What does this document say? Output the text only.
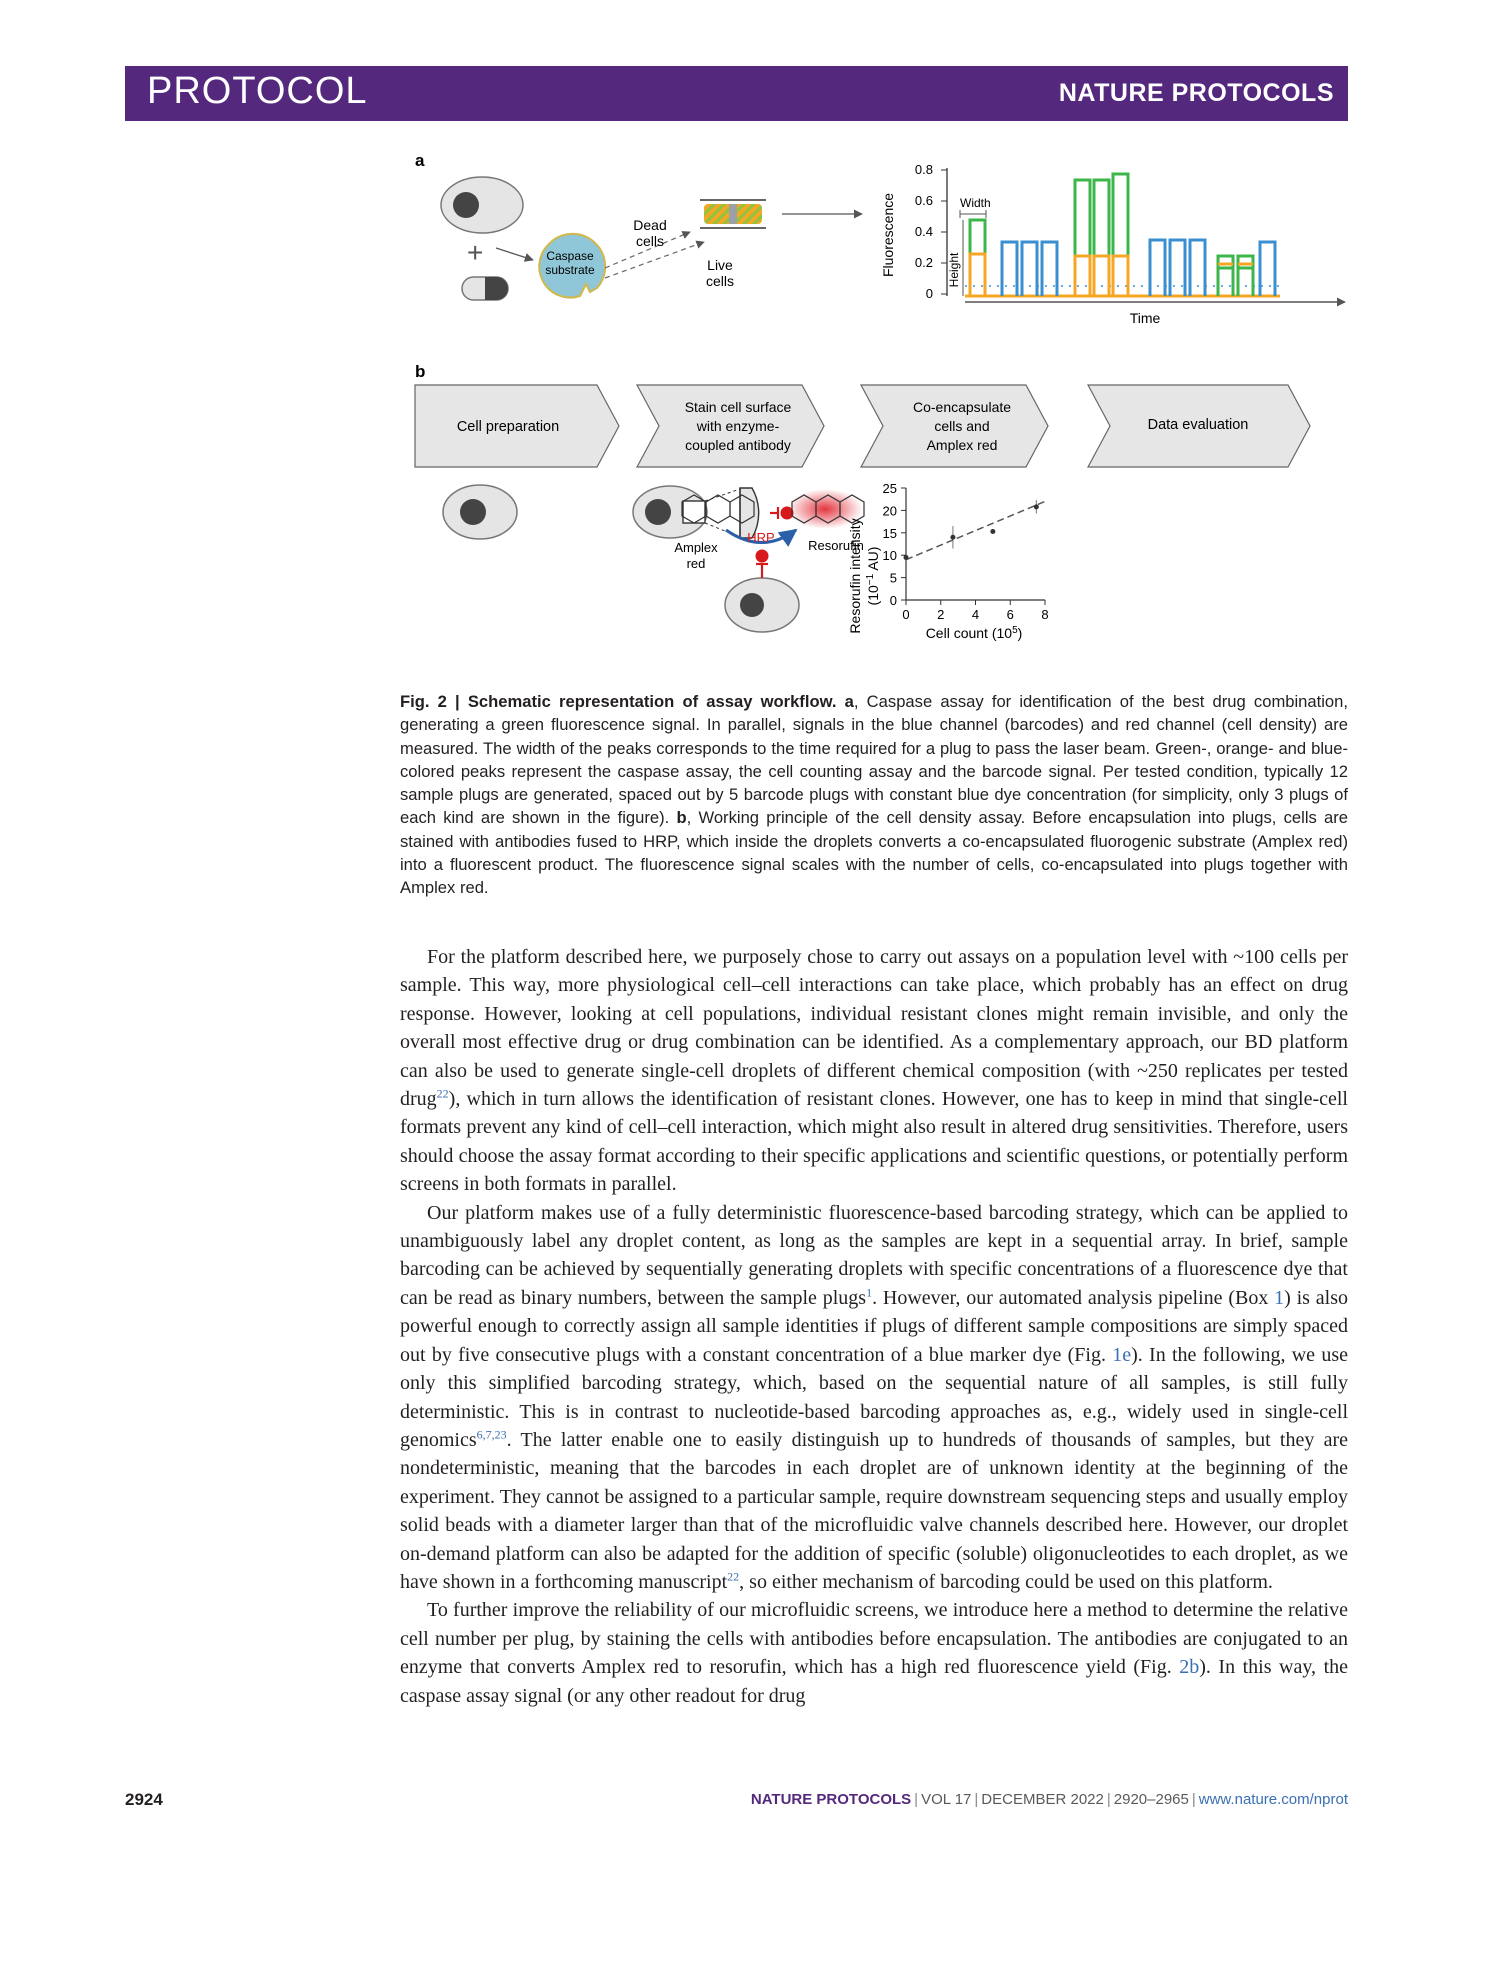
PROTOCOL	NATURE PROTOCOLS
a
+	Caspase
substrate
Dead
cells
Live
cells
Fluorescence
0.8
0.6
0.4
0.2
0
Width
Height
Time
b
Cell preparation
Stain cell surface
with enzyme-
coupled antibody
Co-encapsulate
cells and
Amplex red
Data evaluation
Amplex
red
Resorufin
HRP	Resorufin intensity ($10^{-1}$ AU)
0
5
10
15
20
25
0 2 4 6 8
Cell count $(10^5)$
Fig. 2 | Schematic representation of assay workflow. a, Caspase assay for identification of the best drug combination, generating a green fluorescence signal. In parallel, signals in the blue channel (barcodes) and red channel (cell density) are measured. The width of the peaks corresponds to the time required for a plug to pass the laser beam. Green-, orange- and blue-colored peaks represent the caspase assay, the cell counting assay and the barcode signal. Per tested condition, typically 12 sample plugs are generated, spaced out by 5 barcode plugs with constant blue dye concentration (for simplicity, only 3 plugs of each kind are shown in the figure). b, Working principle of the cell density assay. Before encapsulation into plugs, cells are stained with antibodies fused to HRP, which inside the droplets converts a co-encapsulated fluorogenic substrate (Amplex red) into a fluorescent product. The fluorescence signal scales with the number of cells, co-encapsulated into plugs together with Amplex red.

For the platform described here, we purposely chose to carry out assays on a population level with ~100 cells per sample. This way, more physiological cell–cell interactions can take place, which probably has an effect on drug response. However, looking at cell populations, individual resistant clones might remain invisible, and only the overall most effective drug or drug combination can be identified. As a complementary approach, our BD platform can also be used to generate single-cell droplets of different chemical composition (with ~250 replicates per tested drug$^{22}$), which in turn allows the identification of resistant clones. However, one has to keep in mind that single-cell formats prevent any kind of cell–cell interaction, which might also result in altered drug sensitivities. Therefore, users should choose the assay format according to their specific applications and scientific questions, or potentially perform screens in both formats in parallel.

Our platform makes use of a fully deterministic fluorescence-based barcoding strategy, which can be applied to unambiguously label any droplet content, as long as the samples are kept in a sequential array. In brief, sample barcoding can be achieved by sequentially generating droplets with specific concentrations of a fluorescence dye that can be read as binary numbers, between the sample plugs$^1$. However, our automated analysis pipeline (Box 1) is also powerful enough to correctly assign all sample identities if plugs of different sample compositions are simply spaced out by five consecutive plugs with a constant concentration of a blue marker dye (Fig. 1e). In the following, we use only this simplified barcoding strategy, which, based on the sequential nature of all samples, is still fully deterministic. This is in contrast to nucleotide-based barcoding approaches as, e.g., widely used in single-cell genomics$^{6,7,23}$. The latter enable one to easily distinguish up to hundreds of thousands of samples, but they are nondeterministic, meaning that the barcodes in each droplet are of unknown identity at the beginning of the experiment. They cannot be assigned to a particular sample, require downstream sequencing steps and usually employ solid beads with a diameter larger than that of the microfluidic valve channels described here. However, our droplet on-demand platform can also be adapted for the addition of specific (soluble) oligonucleotides to each droplet, as we have shown in a forthcoming manuscript$^{22}$, so either mechanism of barcoding could be used on this platform.

To further improve the reliability of our microfluidic screens, we introduce here a method to determine the relative cell number per plug, by staining the cells with antibodies before encapsulation. The antibodies are conjugated to an enzyme that converts Amplex red to resorufin, which has a high red fluorescence yield (Fig. 2b). In this way, the caspase assay signal (or any other readout for drug

2924	NATURE PROTOCOLS | VOL 17 | DECEMBER 2022 | 2920–2965 | www.nature.com/nprot
